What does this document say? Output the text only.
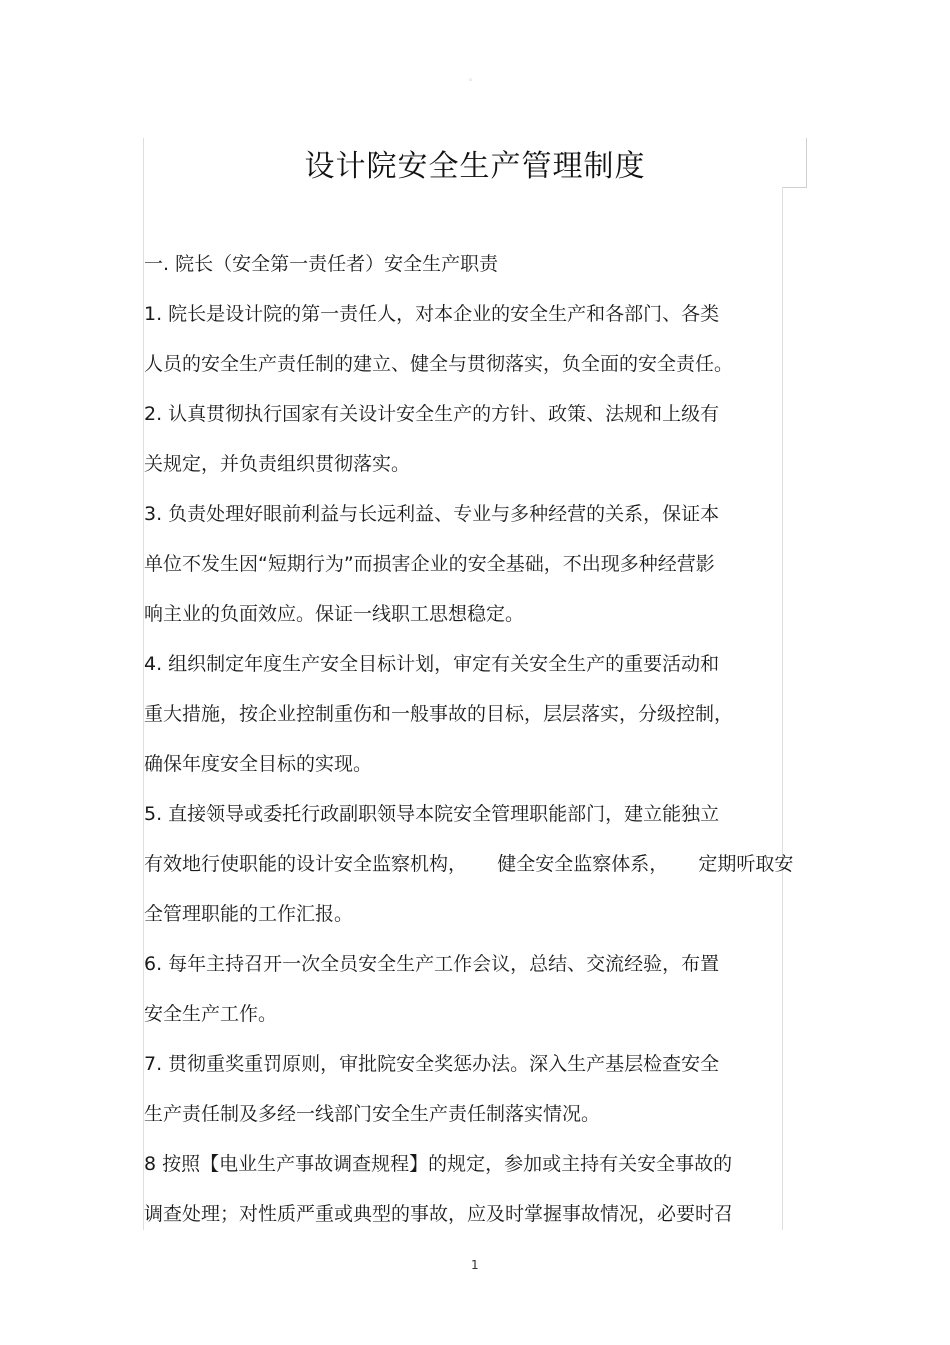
。
设计院安全生产管理制度
一. 院长（安全第一责任者）安全生产职责
1. 院长是设计院的第一责任人，对本企业的安全生产和各部门、各类
人员的安全生产责任制的建立、健全与贯彻落实，负全面的安全责任。
2. 认真贯彻执行国家有关设计安全生产的方针、政策、法规和上级有
关规定，并负责组织贯彻落实。
3. 负责处理好眼前利益与长远利益、专业与多种经营的关系，保证本
单位不发生因“短期行为”而损害企业的安全基础，不出现多种经营影
响主业的负面效应。保证一线职工思想稳定。
4. 组织制定年度生产安全目标计划，审定有关安全生产的重要活动和
重大措施，按企业控制重伤和一般事故的目标，层层落实，分级控制，
确保年度安全目标的实现。
5. 直接领导或委托行政副职领导本院安全管理职能部门，建立能独立
有效地行使职能的设计安全监察机构，     健全安全监察体系，     定期听取安
全管理职能的工作汇报。
6. 每年主持召开一次全员安全生产工作会议，总结、交流经验，布置
安全生产工作。
7. 贯彻重奖重罚原则，审批院安全奖惩办法。深入生产基层检查安全
生产责任制及多经一线部门安全生产责任制落实情况。
8 按照【电业生产事故调查规程】的规定，参加或主持有关安全事故的
调查处理；对性质严重或典型的事故，应及时掌握事故情况，必要时召
1
